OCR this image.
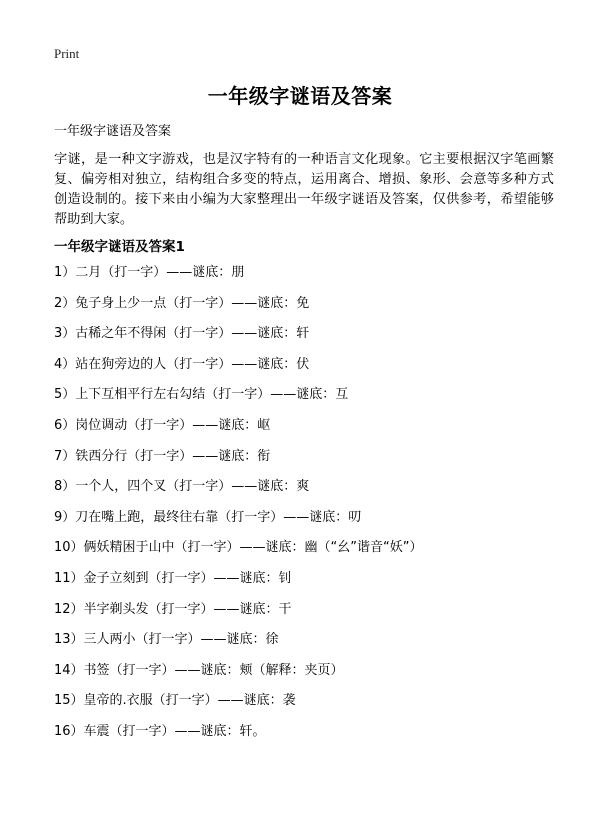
Print
一年级字谜语及答案
一年级字谜语及答案
字谜，是一种文字游戏，也是汉字特有的一种语言文化现象。它主要根据汉字笔画繁复、偏旁相对独立，结构组合多变的特点，运用离合、增损、象形、会意等多种方式创造设制的。接下来由小编为大家整理出一年级字谜语及答案，仅供参考，希望能够帮助到大家。
一年级字谜语及答案1
1）二月（打一字）——谜底：朋
2）兔子身上少一点（打一字）——谜底：免
3）古稀之年不得闲（打一字）——谜底：轩
4）站在狗旁边的人（打一字）——谜底：伏
5）上下互相平行左右勾结（打一字）——谜底：互
6）岗位调动（打一字）——谜底：岖
7）铁西分行（打一字）——谜底：衔
8）一个人，四个叉（打一字）——谜底：爽
9）刀在嘴上跑，最终往右靠（打一字）——谜底：叨
10）俩妖精困于山中（打一字）——谜底：幽（“幺”谐音“妖”）
11）金子立刻到（打一字）——谜底：钊
12）半字剃头发（打一字）——谜底：干
13）三人两小（打一字）——谜底：徐
14）书签（打一字）——谜底：颊（解释：夹页）
15）皇帝的.衣服（打一字）——谜底：袭
16）车震（打一字）——谜底：轩。
